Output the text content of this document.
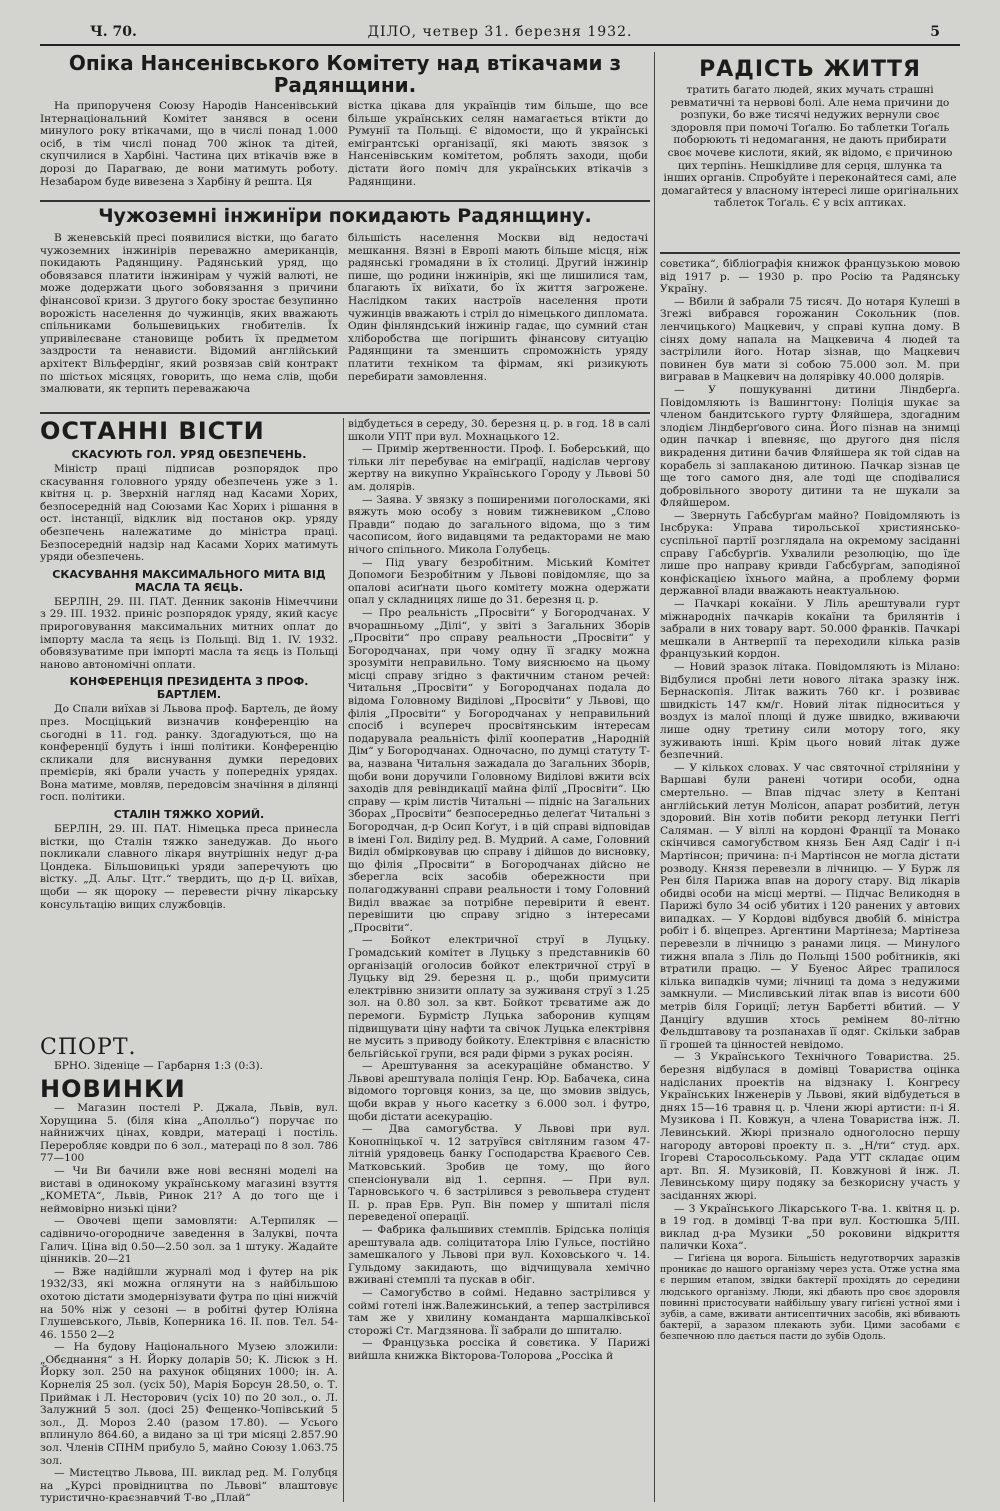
Ч. 70.	ДІЛО, четвер 31. березня 1932.	5

Опіка Нансенівського Комітету над втікачами з Радянщини.

На припорученя Союзу Народів Нансенівський Інтернаціональний Комітет занявся в осени минулого року втікачами, що в числі понад 1.000 осіб, в тім числі понад 700 жінок та дітей, скупчилися в Харбіні. Частина цих втікачів вже в дорозі до Парагваю, де вони матимуть роботу. Незабаром буде вивезена з Харбіну й решта. Ця

вістка цікава для українців тим більше, що все більше українських селян намагається втікти до Румунії та Польщі. Є відомости, що й українські емігрантські організації, які мають звязок з Нансенівським комітетом, роблять заходи, щоби дістати його поміч для українських втікачів з Радянщини.

Чужоземні інжинїри покидають Радянщину.

В женевській пресі появилися вістки, що багато чужоземних інжинірів переважно американців, покидають Радянщину. Радянський уряд, що обовязався платити інжинірам у чужій валюті, не може додержати цього зобовязання з причини фінансової кризи. З другого боку зростає безупинно ворожість населення до чужинців, яких вважають спільниками большевицьких гнобителів. Їх упривілеєване становище робить їх предметом заздрости та ненависти. Відомий англійський архітект Вільфердінг, який розвязав свій контракт по шістьох місяцях, говорить, що нема слів, щоби змалювати, як терпить переважаюча

більшість населення Москви від недостачі мешкання. Вязні в Европі мають більше місця, ніж радянські громадяни в їх столиці. Другий інжинір пише, що родини інжинірів, які ще лишилися там, благають їх виїхати, бо їх життя загрожене. Наслідком таких настроїв населення проти чужинців вважають і стріл до німецького дипломата. Один фінляндський інжинір гадає, що сумний стан хліборобства ще погіршить фінансову ситуацію Радянщини та зменшить спроможність уряду платити техніком та фірмам, які ризикують перебирати замовлення.

РАДІСТЬ ЖИТТЯ

тратить багато людей, яких мучать страшні ревматичні та нервові болі. Але нема причини до розпуки, бо вже тисячі недужих вернули своє здоровля при помочі Тоґалю. Бо таблетки Тоґаль поборюють ті недомагання, не дають прибирати своє мочеве кислоти, який, як відомо, є причиною цих терпінь. Нешкідливе для серця, шлунка та інших органів. Спробуйте і переконайтеся самі, але домагайтеся у власному інтересі лише оригінальних таблеток Тоґаль. Є у всіх аптиках.

ОСТАННІ ВІСТИ

СКАСУЮТЬ ГОЛ. УРЯД ОБЕЗПЕЧЕНЬ.

Міністр праці підписав розпорядок про скасування головного уряду обезпечень уже з 1. квітня ц. р. Зверхній нагляд над Касами Хорих, безпосередній над Союзами Кас Хорих і рішання в ост. інстанції, відклик від постанов окр. уряду обезпечень належатиме до міністра праці. Безпосередній надзір над Касами Хорих матимуть уряди обезпечень.

СКАСУВАННЯ МАКСИМАЛЬНОГО МИТА ВІД МАСЛА ТА ЯЄЦЬ.

БЕРЛІН, 29. III. ПАТ. Денник законів Німеччини з 29. III. 1932. приніс розпорядок уряду, який касує прироговування максимальних митних оплат до імпорту масла та яєць із Польщі. Від 1. IV. 1932. обовязуватиме при імпорті масла та яєць із Польщі наново автономічні оплати.

КОНФЕРЕНЦІЯ ПРЕЗИДЕНТА З ПРОФ. БАРТЛЕМ.

До Спали виїхав зі Львова проф. Бартель, де йому през. Мосціцький визначив конференцію на сьогодні в 11. год. ранку. Здогадуються, що на конференції будуть і інші політики. Конференцію скликали для виснування думки передових премієрів, які брали участь у попередніх урядах. Вона матиме, мовляв, передовсім значіння в ділянці госп. політики.

СТАЛІН ТЯЖКО ХОРИЙ.

БЕРЛІН, 29. III. ПАТ. Німецька преса принесла вістки, що Сталін тяжко занедужав. До нього покликали славного лікаря внутрішніх недуг д-ра Цондека. Більшовицькі уряди заперечують цю вістку. „Д. Альг. Цтг.“ твердить, що д-р Ц. виїхав, щоби — як щороку — перевести річну лікарську консультацію вищих службовців.

СПОРТ.

БРНО. Зіденіце — Гарбарня 1:3 (0:3).

НОВИНКИ

— Магазин постелі Р. Джала, Львів, вул. Хорущина 5. (біля кіна „Аполльо“) поручає по найнижчих цінах, ковдри, матераці і постіль. Переробляє ковдри по 6 зол., матераці по 8 зол. 786 77—100

— Чи Ви бачили вже нові весняні моделі на виставі в одиноκому українському магазині взуття „КОМЕТА“, Львів, Ринок 21? А до того ще і неймовірно низькі ціни?

— Овочеві щепи замовляти: А.Терпиляк — садівничо-огородниче заведення в Залукві, почта Галич. Ціна від 0.50—2.50 зол. за 1 штуку. Жадайте цінників. 20—21

— Вже надійшли журналі мод і футер на рік 1932/33, які можна оглянути на з найбільшою охотою дістати змодернізувати футра по ціні нижчій на 50% ніж у сезоні — в робітні футер Юліяна Глушевського, Львів, Коперника 16. II. пов. Тел. 54-46. 1550 2—2

— На будову Національного Музею зложили: „Обєднання“ з Н. Йорку доларів 50; К. Лісюк з Н. Йорку зол. 250 на рахунок обіцяних 1000; ін. А. Корнелія 25 зол. (усіх 50), Марія Борсун 28.50, о. Т. Приймак і Л. Несторович (усіх 10) по 20 зол., о. Л. Залужний 5 зол. (досі 25) Фещенко-Чопівський 5 зол., Д. Мороз 2.40 (разом 17.80). — Усього вплинуло 864.60, а видано за ці три місяці 2.857.90 зол. Членів СПНМ прибуло 5, майно Союзу 1.063.75 зол.

— Мистецтво Львова, III. виклад ред. М. Голубця на „Курсі провідництва по Львові“ влаштовує туристично-краєзнавчий Т-во „Плай“

відбудеться в середу, 30. березня ц. р. в год. 18 в салі школи УПТ при вул. Мохнацького 12.

— Примір жертвенности. Проф. І. Боберський, що тільки літ перебуває на еміґрації, надіслав чергову жертву на викупно Українського Городу у Львові 50 ам. долярів.

— Заява. У звязку з поширеними поголосками, які вяжуть мою особу з новим тижневиком „Слово Правди“ подаю до загального відома, що з тим часописом, його видавцями та редакторами не маю нічого спільного. Микола Голубець.

— Під увагу безробітним. Міський Комітет Допомоги Безробітним у Львові повідомляє, що за опалові асиґнати цього комітету можна одержати опал у складницях лише до 31. березня ц. р.

— Про реальність „Просвіти“ у Богородчанах. У вчорашньому „Ділі“, у звіті з Загальних Зборів „Просвіти“ про справу реальности „Просвіти“ у Богородчанах, при чому одну її згадку можна зрозуміти неправильно. Тому вияснюємо на цьому місці справу згідно з фактичним станом речей: Читальня „Просвіти“ у Богородчанах подала до відома Головному Виділові „Просвіти“ у Львові, що філія „Просвіти“ у Богородчанах у неправильний спосіб і всупереч просвітянським інтересам подарувала реальність філії кооператив „Народній Дім“ у Богородчанах. Одночасно, по думці статуту Т-ва, названа Читальня зажадала до Загальних Зборів, щоби вони доручили Головному Виділові вжити всіх заходів для ревіндикації майна філії „Просвіти“. Цю справу — крім листів Читальні — підніс на Загальних Зборах „Просвіти“ безпосередньо делеґат Читальні з Богородчан, д-р Осип Коґут, і в цій справі відповідав в імені Гол. Виділу ред. В. Мудрий. А саме, Головний Виділ обмірковував цю справу і дійшов до висновку, що філія „Просвіти“ в Богородчанах дійсно не зберегла всіх засобів обережности при полагоджуванні справи реальности і тому Головний Виділ вважає за потрібне перевірити й евент. перевішити цю справу згідно з інтересами „Просвіти“.

— Бойкот електричної струї в Луцьку. Громадський комітет в Луцьку з представників 60 організацій оголосив бойкот електричної струї в Луцьку від 29. березня ц. р., щоби примусити електрівню знизити оплату за зуживаня струї з 1.25 зол. на 0.80 зол. за квт. Бойкот трєватиме аж до перемоги. Бурмістр Луцька заборонив купцям підвищувати ціну нафти та свічок Луцька електрівня не мусить з приводу бойкоту. Електрівня є власністю бельгійської групи, вся ради фірми з руках росіян.

— Арештування за асекураційне обманство. У Львові арештувала поліція Генр. Юр. Бабачека, сина відомого торговця кониз, за це, що змовив звідусь, щоби вкрав у нього касетку з 6.000 зол. і футро, щоби дістати асекурацію.

— Два самогубства. У Львові при вул. Конопніцької ч. 12 затруївся світляним газом 47-літній урядовець банку Господарства Краєвого Сев. Матковський. Зробив це тому, що його спенсіонували від 1. серпня. — При вул. Тарновського ч. 6 застрілився з револьвера студент II. р. прав Ерв. Руп. Він помер у шпиталі після переведеної операції.

— Фабрика фальшивих стемплів. Брідська поліція арештувала адв. соліцитатора Ілію Гульсе, постійно замешкалого у Львові при вул. Коховського ч. 14. Гульдому закидають, що відчищувала хемічно вживані стемплі та пускав в обіг.

— Самогубство в соймі. Недавно застрілився у соймі готелі інж.Валежинський, а тепер застрілився там же у хвилину команданта маршалківської сторожі Ст. Магдзянова. Її забрали до шпиталю.

— Французька россіка й совєтика. У Парижі вийшла книжка Вікторова-Толорова „Россіка й

совєтика“, бібліографія книжок французькою мовою від 1917 р. — 1930 р. про Росію та Радянську Україну.

— Вбили й забрали 75 тисяч. До нотаря Кулеші в Згежі вибрався горожанин Сокольник (пов. ленчицького) Мацкевич, у справі купна дому. В сінях дому напала на Мацкевича 4 людей та застрілили його. Нотар зізнав, що Мацкевич повинен був мати зі собою 75.000 зол. М. при вигравав в Мацкевич на долярівку 40.000 долярів.

— У пошукуванні дитини Ліндберґа. Повідомляють із Вашингтону: Поліція шукає за членом бандитського гурту Фляйшера, здогадним злодієм Ліндберґового сина. Його пізнав на знимці один пачкар і впевняє, що другого дня після викрадення дитини бачив Фляйшера як той сідав на корабель зі заплаканою дитиною. Пачкар зізнав це ще того самого дня, але тоді ще сподівалися добровільного звороту дитини та не шукали за Фляйшером.

— Звернуть Габсбурґам майно? Повідомляють із Інсбрука: Управа тирольської християнсько-суспільної партії розглядала на окремому засіданні справу Габсбурґів. Ухвалили резолюцію, що їде лише про направу кривди Габсбурґам, заподіяної конфіскацією їхнього майна, а проблему форми державної влади вважають неактуальною.

— Пачкарі кокаїни. У Ліль арештували гурт міжнародніх пачкарів кокаїни та брилянтів і забрали в них товару варт. 50.000 франків. Пачкарі мешкали в Антверпії та переходили кілька разів французький кордон.

— Новий зразок літака. Повідомляють із Мілано: Відбулися пробні лети нового літака зразку інж. Бернаскопія. Літак важить 760 кг. і розвиває швидкість 147 км/г. Новий літак підноситься у воздух із малої площі й дуже швидко, вживаючи лише одну третину сили мотору того, яку зуживають інші. Крім цього новий літак дуже безпечний.

— У кількох словах. У час святочної стріляніни у Варшаві були ранені чотири особи, одна смертельно. — Впав підчас злету в Кептані англійський летун Молісон, апарат розбитий, летун здоровий. Він хотів побити рекорд летунки Пеґґі Саляман. — У віллі на кордоні Франції та Монако скінчився самогубством князь Бен Аяд Садіґ і п-і Мартінсон; причина: п-і Мартінсон не могла дістати розводу. Князя перевезли в лічницю. — У Бурж ля Рен біля Парижа впав на дорогу стару. Від лікарів обидві особи на місці мертві. — Підчас Великодня в Парижі було 34 осіб убитих і 120 ранених у автових випадках. — У Кордові відбувся двобій б. міністра робіт і б. віцепрез. Аргентини Мартінеза; Мартінеза перевезли в лічницю з ранами лиця. — Минулого тижня впала з Ліль до Польщі 1500 робітників, які втратили працю. — У Буенос Айрес трапилося кілька випадків чуми; лічниці та дома з недужими замкнули. — Мисливський літак впав із висоти 600 метрів біля Гориції; летун Барбетті вбитий. — У Данціґу вдушив хтось ремінем 80-літню Фельдштавову та розпанахав її одяг. Скільки забрав її грошей та цінностей невідомо.

— З Українського Технічного Товариства. 25. березня відбулася в домівці Товариства оцінка надісланих проектів на відзнаку І. Конгресу Українських Інженерів у Львові, який відбудеться в днях 15—16 травня ц. р. Члени жюрі артисти: п-і Я. Музикова і П. Ковжун, а члена Товариства інж. Л. Левинський. Жюрі признало одноголосно першу нагороду авторові проекту п. з. „Н/ти“ студ. арх. Ігореві Старосольському. Рада УТТ складає оцим арт. Вп. Я. Музиковій, П. Ковжунові й інж. Л. Левинському щиру подяку за безкорисну участь у засіданнях жюрі.

— З Українського Лікарського Т-ва. 1. квітня ц. р. в 19 год. в домівці Т-ва при вул. Костюшка 5/ІІІ. виклад д-ра Музики „50 роковини відкриття палички Коха“.

— Гиґієна ця ворога. Більшість недуготворчих заразків проникає до нашого організму через уста. Отже устна яма є першим етапом, звідки бактерії прохідять до середини людського організму. Люди, які дбають про своє здоровля повинні пристосувати найбільшу увагу гиґієні устної ями і зубів, а саме, вживати антисептичних засобів, які вбивають бактерії, а заразом плекають зуби. Цими засобами є безпечною пло дається пасти до зубів Одоль.
